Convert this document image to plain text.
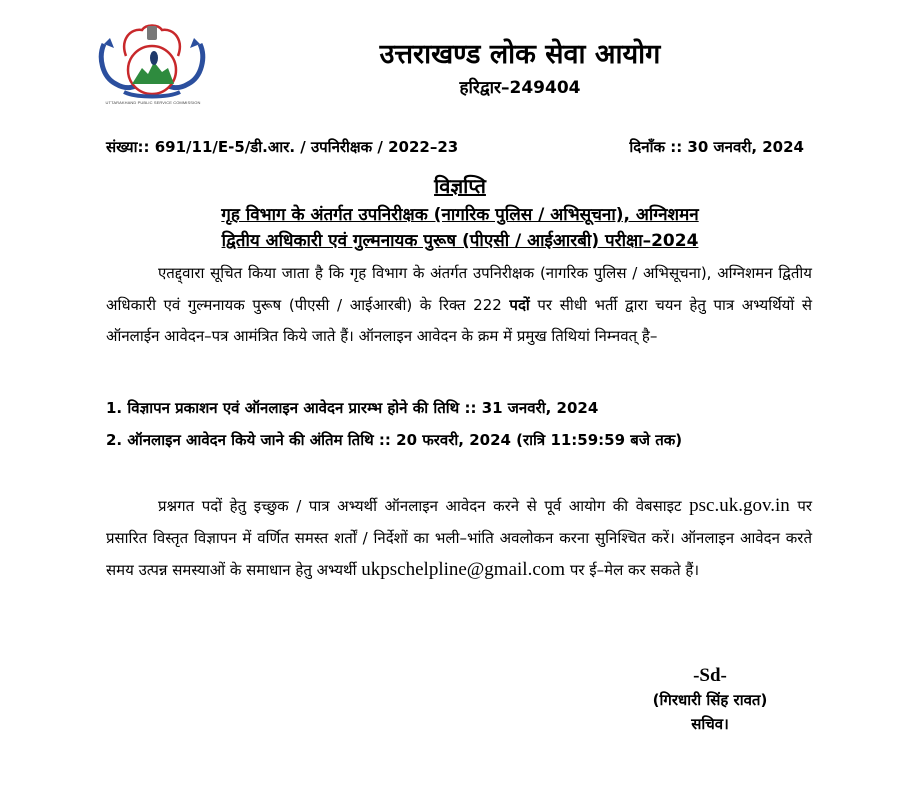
UTTARAKHAND PUBLIC SERVICE COMMISSION
उत्तराखण्ड लोक सेवा आयोग
हरिद्वार–249404
संख्या:: 691/11/E-5/डी.आर. / उपनिरीक्षक / 2022–23	दिनाँक :: 30 जनवरी, 2024
विज्ञप्ति
गृह विभाग के अंतर्गत उपनिरीक्षक (नागरिक पुलिस / अभिसूचना), अग्निशमन
द्वितीय अधिकारी एवं गुल्मनायक पुरूष (पीएसी / आईआरबी) परीक्षा–2024
एतद्द्वारा सूचित किया जाता है कि गृह विभाग के अंतर्गत उपनिरीक्षक (नागरिक पुलिस / अभिसूचना), अग्निशमन द्वितीय अधिकारी एवं गुल्मनायक पुरूष (पीएसी / आईआरबी) के रिक्त 222 पदों पर सीधी भर्ती द्वारा चयन हेतु पात्र अभ्यर्थियों से ऑनलाईन आवेदन–पत्र आमंत्रित किये जाते हैं। ऑनलाइन आवेदन के क्रम में प्रमुख तिथियां निम्नवत् है–
1. विज्ञापन प्रकाशन एवं ऑनलाइन आवेदन प्रारम्भ होने की तिथि :: 31 जनवरी, 2024
2. ऑनलाइन आवेदन किये जाने की अंतिम तिथि :: 20 फरवरी, 2024 (रात्रि 11:59:59 बजे तक)
प्रश्नगत पदों हेतु इच्छुक / पात्र अभ्यर्थी ऑनलाइन आवेदन करने से पूर्व आयोग की वेबसाइट psc.uk.gov.in पर प्रसारित विस्तृत विज्ञापन में वर्णित समस्त शर्तों / निर्देशों का भली–भांति अवलोकन करना सुनिश्चित करें। ऑनलाइन आवेदन करते समय उत्पन्न समस्याओं के समाधान हेतु अभ्यर्थी ukpschelpline@gmail.com पर ई–मेल कर सकते हैं।
-Sd-
(गिरधारी सिंह रावत)
सचिव।
